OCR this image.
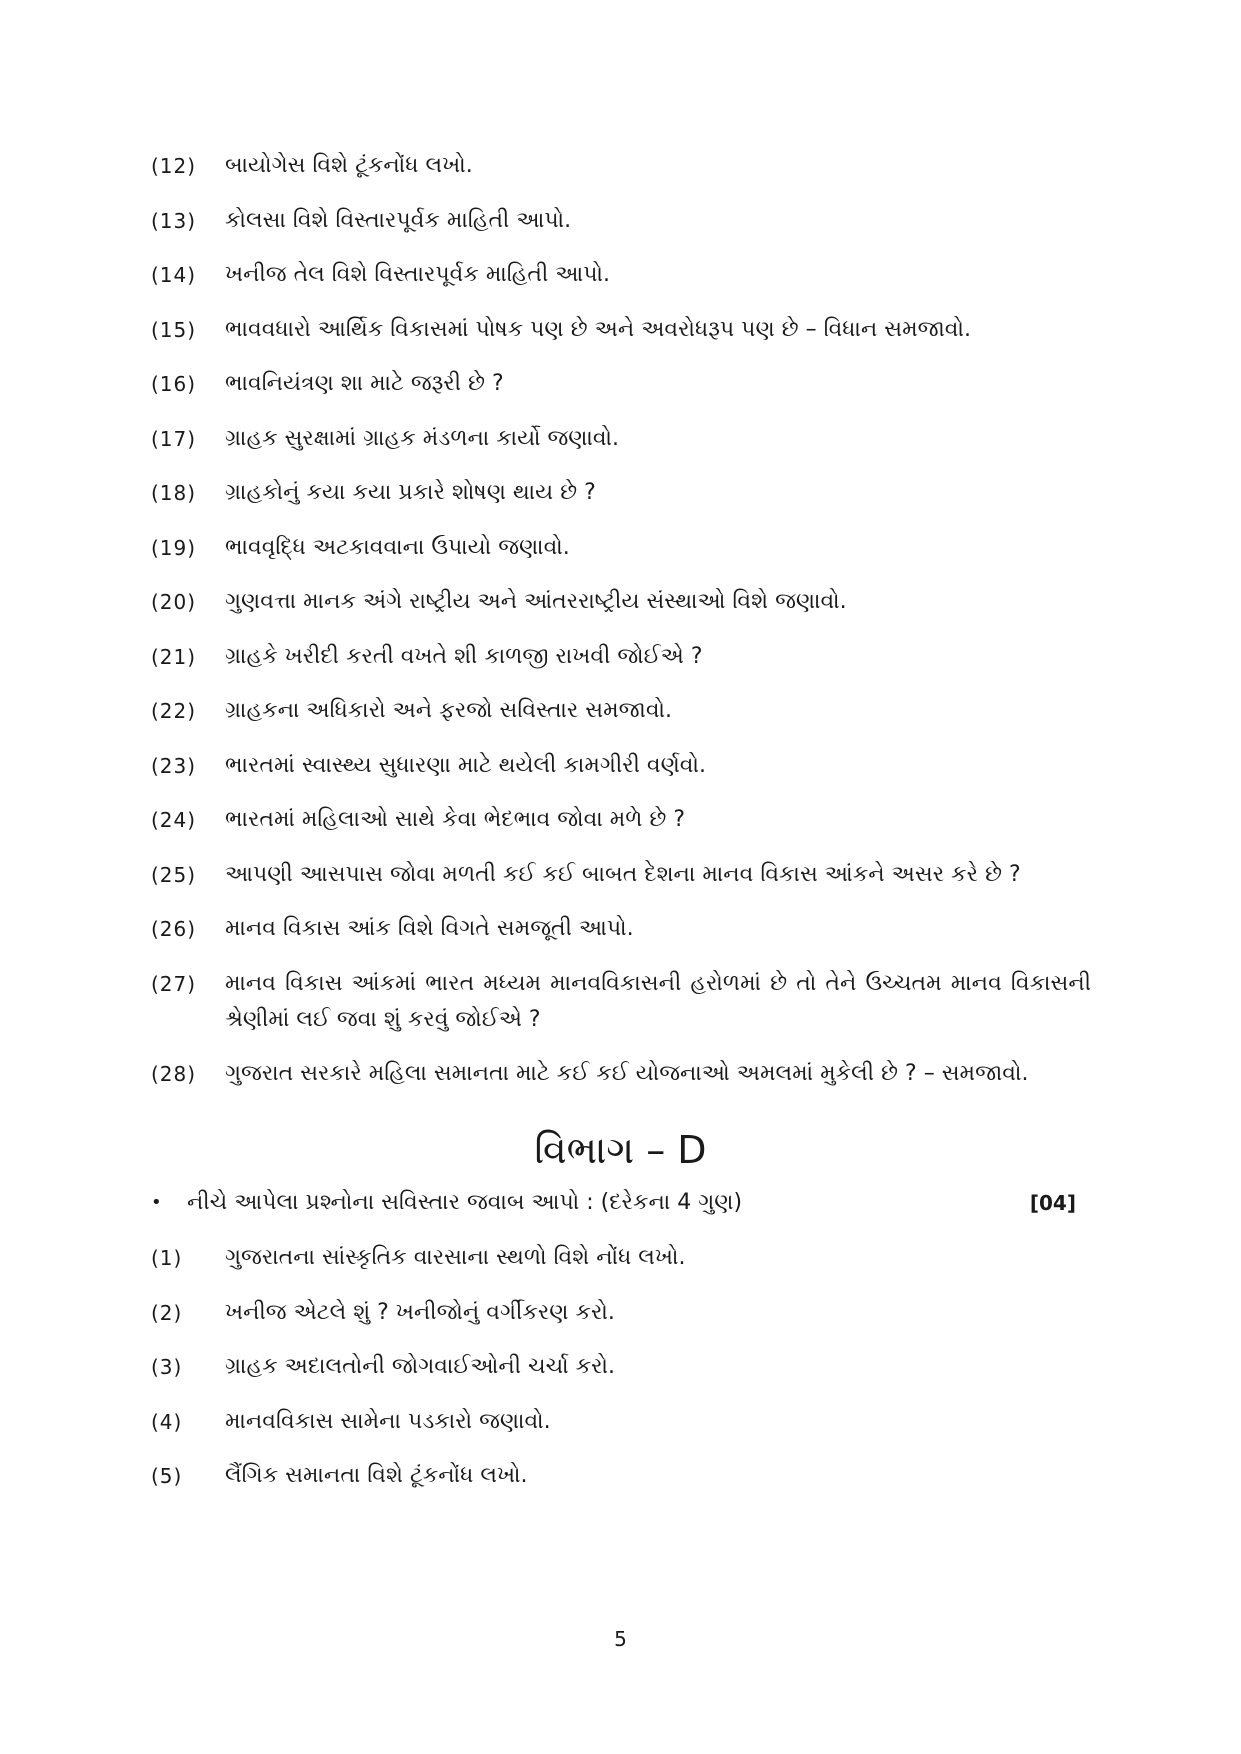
(12)	બાયોગેસ વિશે ટૂંકનોંધ લખો.
(13)	કોલસા વિશે વિસ્તારપૂર્વક માહિતી આપો.
(14)	ખનીજ તેલ વિશે વિસ્તારપૂર્વક માહિતી આપો.
(15)	ભાવવધારો આર્થિક વિકાસમાં પોષક પણ છે અને અવરોધરૂપ પણ છે – વિધાન સમજાવો.
(16)	ભાવનિયંત્રણ શા માટે જરૂરી છે ?
(17)	ગ્રાહક સુરક્ષામાં ગ્રાહક મંડળના કાર્યો જણાવો.
(18)	ગ્રાહકોનું કયા કયા પ્રકારે શોષણ થાય છે ?
(19)	ભાવવૃદ્ધિ અટકાવવાના ઉપાયો જણાવો.
(20)	ગુણવત્તા માનક અંગે રાષ્ટ્રીય અને આંતરરાષ્ટ્રીય સંસ્થાઓ વિશે જણાવો.
(21)	ગ્રાહકે ખરીદી કરતી વખતે શી કાળજી રાખવી જોઈએ ?
(22)	ગ્રાહકના અધિકારો અને ફરજો સવિસ્તાર સમજાવો.
(23)	ભારતમાં સ્વાસ્થ્ય સુધારણા માટે થયેલી કામગીરી વર્ણવો.
(24)	ભારતમાં મહિલાઓ સાથે કેવા ભેદભાવ જોવા મળે છે ?
(25)	આપણી આસપાસ જોવા મળતી કઈ કઈ બાબત દેશના માનવ વિકાસ આંકને અસર કરે છે ?
(26)	માનવ વિકાસ આંક વિશે વિગતે સમજૂતી આપો.
(27)	માનવ વિકાસ આંકમાં ભારત મધ્યમ માનવવિકાસની હરોળમાં છે તો તેને ઉચ્ચતમ માનવ વિકાસની શ્રેણીમાં લઈ જવા શું કરવું જોઈએ ?
(28)	ગુજરાત સરકારે મહિલા સમાનતા માટે કઈ કઈ યોજનાઓ અમલમાં મુકેલી છે ? – સમજાવો.
વિભાગ – D
•	નીચે આપેલા પ્રશ્નોના સવિસ્તાર જવાબ આપો : (દરેકના 4 ગુણ)	[04]
(1)	ગુજરાતના સાંસ્કૃતિક વારસાના સ્થળો વિશે નોંધ લખો.
(2)	ખનીજ એટલે શું ? ખનીજોનું વર્ગીકરણ કરો.
(3)	ગ્રાહક અદાલતોની જોગવાઈઓની ચર્ચા કરો.
(4)	માનવવિકાસ સામેના પડકારો જણાવો.
(5)	લૈંગિક સમાનતા વિશે ટૂંકનોંધ લખો.
5
